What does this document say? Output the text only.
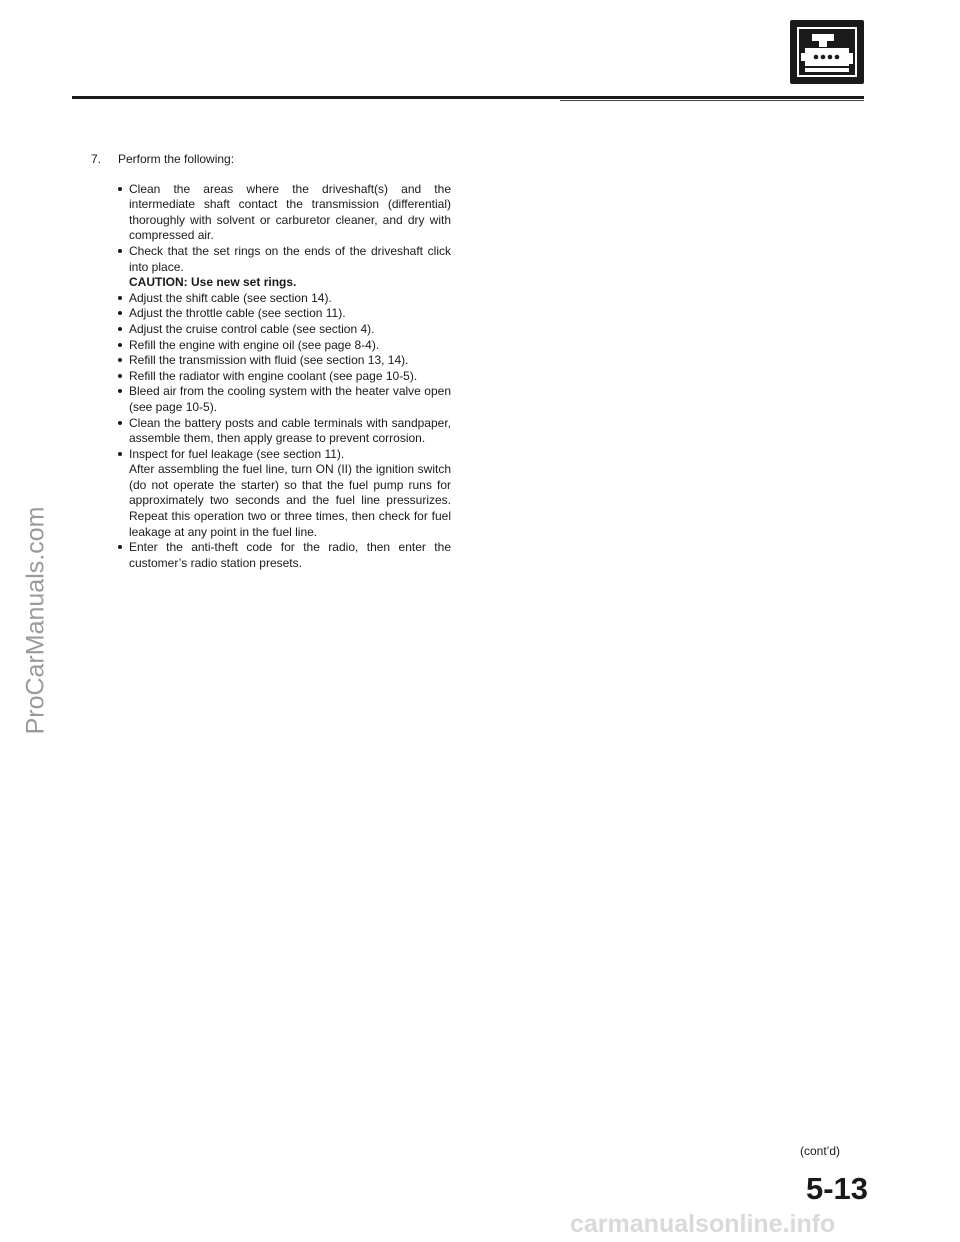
ProCarManuals.com
7.	Perform the following:
Clean the areas where the driveshaft(s) and the intermediate shaft contact the transmission (differential) thoroughly with solvent or carburetor cleaner, and dry with compressed air.
Check that the set rings on the ends of the driveshaft click into place.
CAUTION: Use new set rings.
Adjust the shift cable (see section 14).
Adjust the throttle cable (see section 11).
Adjust the cruise control cable (see section 4).
Refill the engine with engine oil (see page 8-4).
Refill the transmission with fluid (see section 13, 14).
Refill the radiator with engine coolant (see page 10-5).
Bleed air from the cooling system with the heater valve open (see page 10-5).
Clean the battery posts and cable terminals with sandpaper, assemble them, then apply grease to prevent corrosion.
Inspect for fuel leakage (see section 11).
After assembling the fuel line, turn ON (II) the ignition switch (do not operate the starter) so that the fuel pump runs for approximately two seconds and the fuel line pressurizes. Repeat this operation two or three times, then check for fuel leakage at any point in the fuel line.
Enter the anti-theft code for the radio, then enter the customer’s radio station presets.
(cont’d)
5-13
carmanualsonline.info
